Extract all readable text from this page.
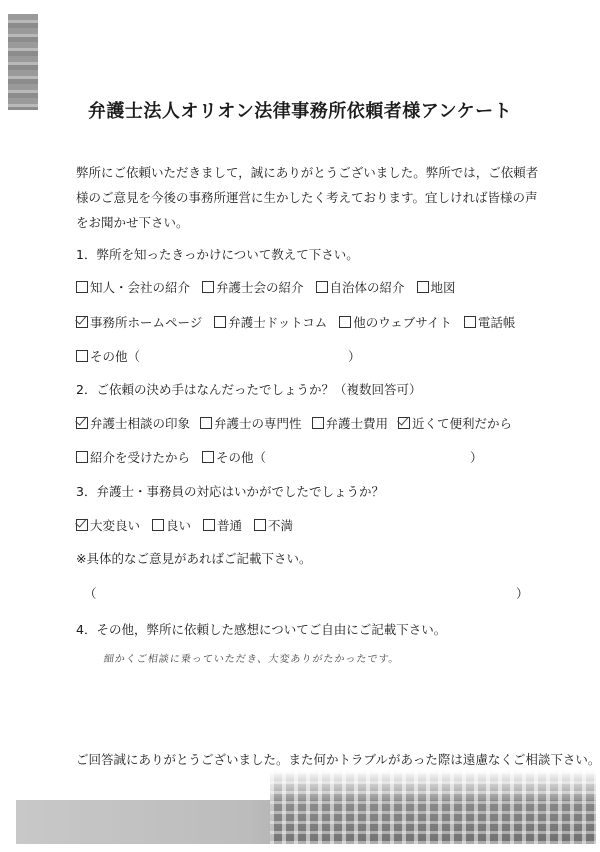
弁護士法人オリオン法律事務所依頼者様アンケート
弊所にご依頼いただきまして，誠にありがとうございました。弊所では，ご依頼者
様のご意見を今後の事務所運営に生かしたく考えております。宜しければ皆様の声
をお聞かせ下さい。
1．弊所を知ったきっかけについて教えて下さい。
知人・会社の紹介 弁護士会の紹介 自治体の紹介 地図
事務所ホームページ 弁護士ドットコム 他のウェブサイト 電話帳
その他（	）
2．ご依頼の決め手はなんだったでしょうか？（複数回答可）
弁護士相談の印象 弁護士の専門性 弁護士費用 近くて便利だから
紹介を受けたから その他（	）
3．弁護士・事務員の対応はいかがでしたでしょうか？
大変良い 良い 普通 不満
※具体的なご意見があればご記載下さい。
（	）
4．その他，弊所に依頼した感想についてご自由にご記載下さい。
細かくご相談に乗っていただき、大変ありがたかったです。
ご回答誠にありがとうございました。また何かトラブルがあった際は遠慮なくご相談下さい。
